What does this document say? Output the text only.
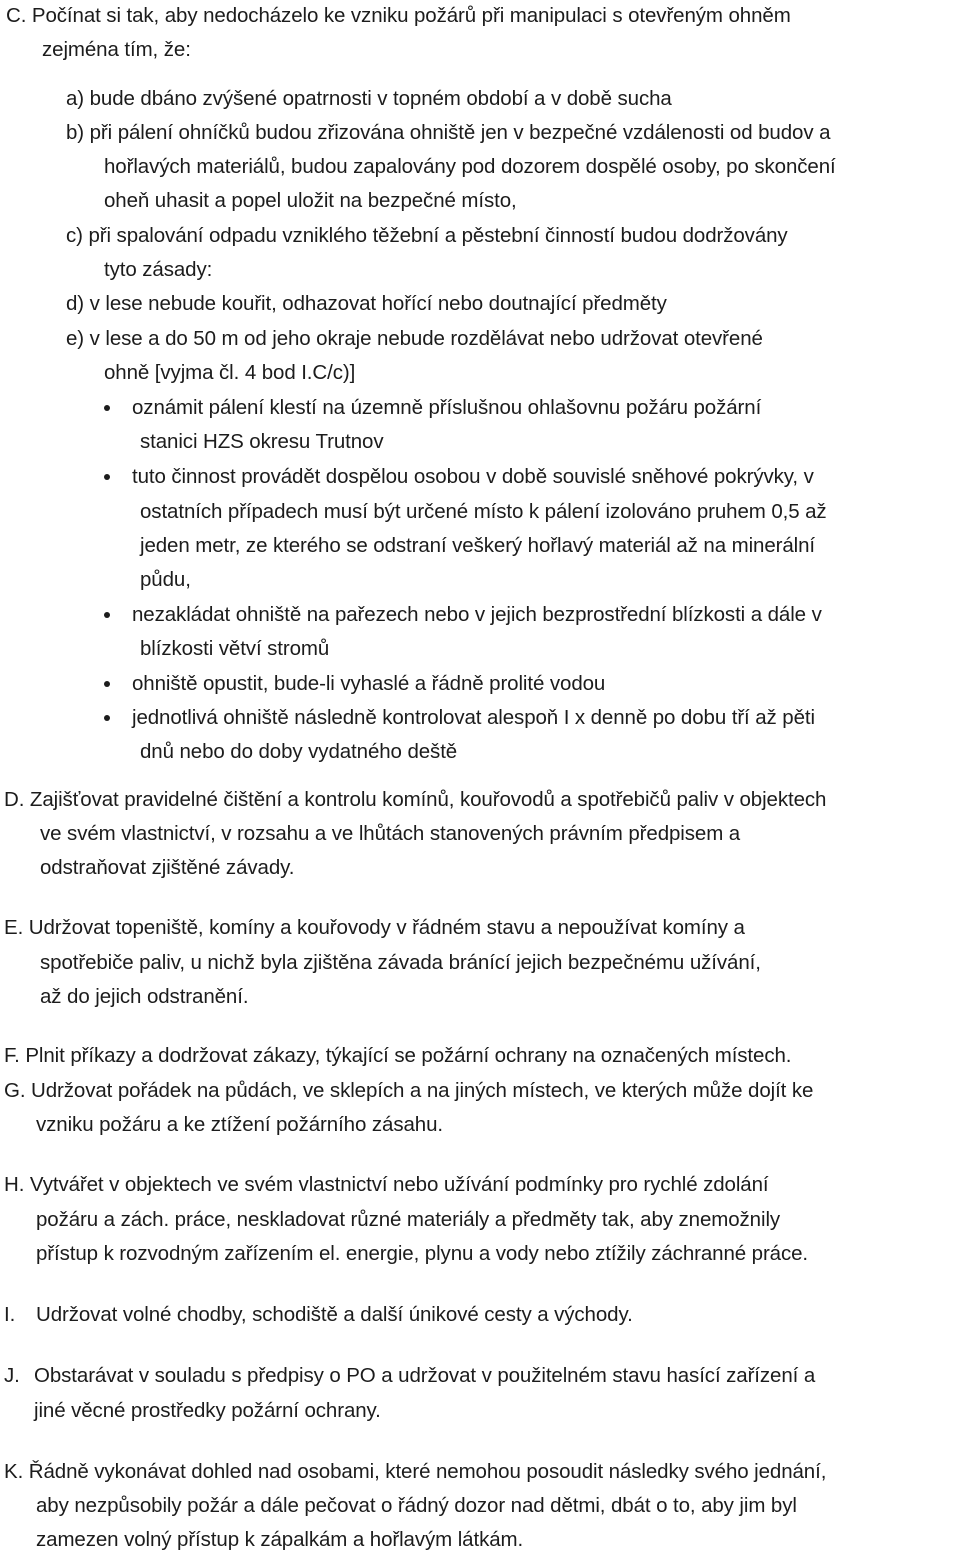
C. Počínat si tak, aby nedocházelo ke vzniku požárů při manipulaci s otevřeným ohněm
zejména tím, že:
a) bude dbáno zvýšené opatrnosti v topném období a v době sucha
b) při pálení ohníčků budou zřizována ohniště jen v bezpečné vzdálenosti od budov a
hořlavých materiálů, budou zapalovány pod dozorem dospělé osoby, po skončení
oheň uhasit a popel uložit na bezpečné místo,
c) při spalování odpadu vzniklého těžební a pěstební činností budou dodržovány
tyto zásady:
d) v lese nebude kouřit, odhazovat hořící nebo doutnající předměty
e) v lese a do 50 m od jeho okraje nebude rozdělávat nebo udržovat otevřené
ohně [vyjma čl. 4 bod I.C/c)]
oznámit pálení klestí na územně příslušnou ohlašovnu požáru požární
stanici HZS okresu Trutnov
tuto činnost provádět dospělou osobou v době souvislé sněhové pokrývky, v
ostatních případech musí být určené místo k pálení izolováno pruhem 0,5 až
jeden metr, ze kterého se odstraní veškerý hořlavý materiál až na minerální
půdu,
nezakládat ohniště na pařezech nebo v jejich bezprostřední blízkosti a dále v
blízkosti větví stromů
ohniště opustit, bude-li vyhaslé a řádně prolité vodou
jednotlivá ohniště následně kontrolovat alespoň I x denně po dobu tří až pěti
dnů nebo do doby vydatného deště
D. Zajišťovat pravidelné čištění a kontrolu komínů, kouřovodů a spotřebičů paliv v objektech
ve svém vlastnictví, v rozsahu a ve lhůtách stanovených právním předpisem a
odstraňovat zjištěné závady.
E. Udržovat topeniště, komíny a kouřovody v řádném stavu a nepoužívat komíny a
spotřebiče paliv, u nichž byla zjištěna závada bránící jejich bezpečnému užívání,
až do jejich odstranění.
F. Plnit příkazy a dodržovat zákazy, týkající se požární ochrany na označených místech.
G. Udržovat pořádek na půdách, ve sklepích a na jiných místech, ve kterých může dojít ke
vzniku požáru a ke ztížení požárního zásahu.
H. Vytvářet v objektech ve svém vlastnictví nebo užívání podmínky pro rychlé zdolání
požáru a zách. práce, neskladovat různé materiály a předměty tak, aby znemožnily
přístup k rozvodným zařízením el. energie, plynu a vody nebo ztížily záchranné práce.
I. Udržovat volné chodby, schodiště a další únikové cesty a východy.
J. Obstarávat v souladu s předpisy o PO a udržovat v použitelném stavu hasící zařízení a
jiné věcné prostředky požární ochrany.
K. Řádně vykonávat dohled nad osobami, které nemohou posoudit následky svého jednání,
aby nezpůsobily požár a dále pečovat o řádný dozor nad dětmi, dbát o to, aby jim byl
zamezen volný přístup k zápalkám a hořlavým látkám.
